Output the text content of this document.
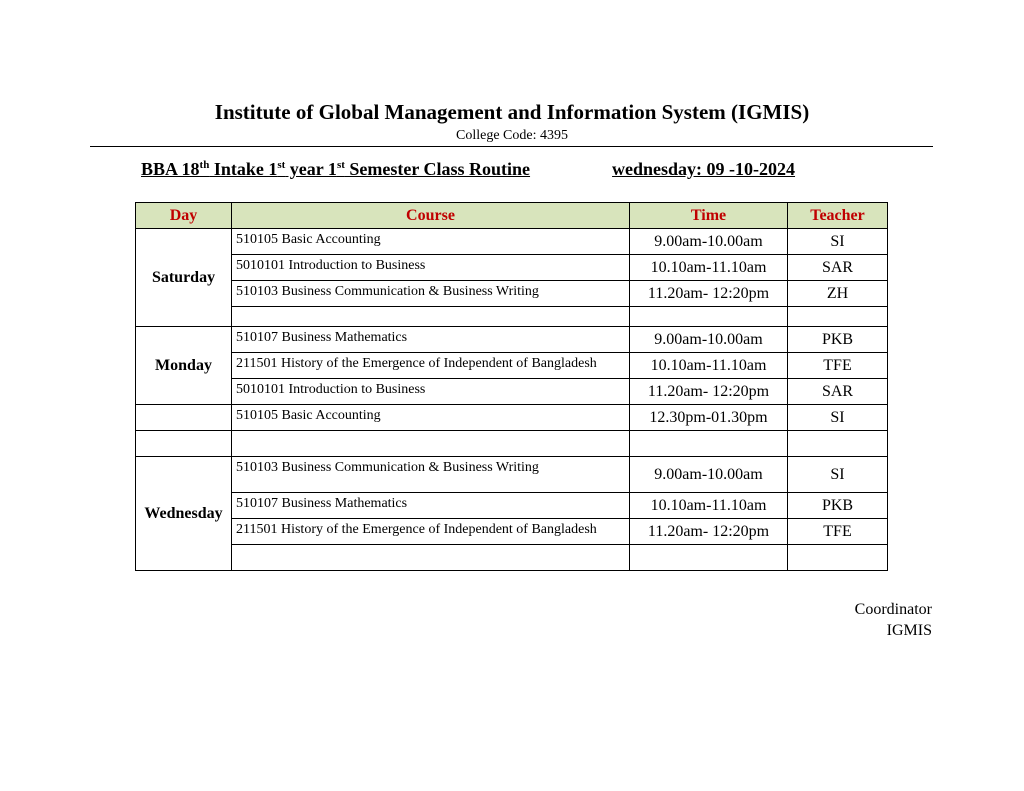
Institute of Global Management and Information System (IGMIS)
College Code: 4395
BBA 18th Intake 1st year 1st Semester Class Routine	wednesday: 09 -10-2024
Day	Course	Time	Teacher
Saturday	510105 Basic Accounting	9.00am-10.00am	SI
	5010101 Introduction to Business	10.10am-11.10am	SAR
	510103 Business Communication & Business Writing	11.20am- 12:20pm	ZH

Monday	510107 Business Mathematics	9.00am-10.00am	PKB
	211501 History of the Emergence of Independent of Bangladesh	10.10am-11.10am	TFE
	5010101 Introduction to Business	11.20am- 12:20pm	SAR
	510105 Basic Accounting	12.30pm-01.30pm	SI

Wednesday	510103 Business Communication & Business Writing	9.00am-10.00am	SI
	510107 Business Mathematics	10.10am-11.10am	PKB
	211501 History of the Emergence of Independent of Bangladesh	11.20am- 12:20pm	TFE

Coordinator
IGMIS
